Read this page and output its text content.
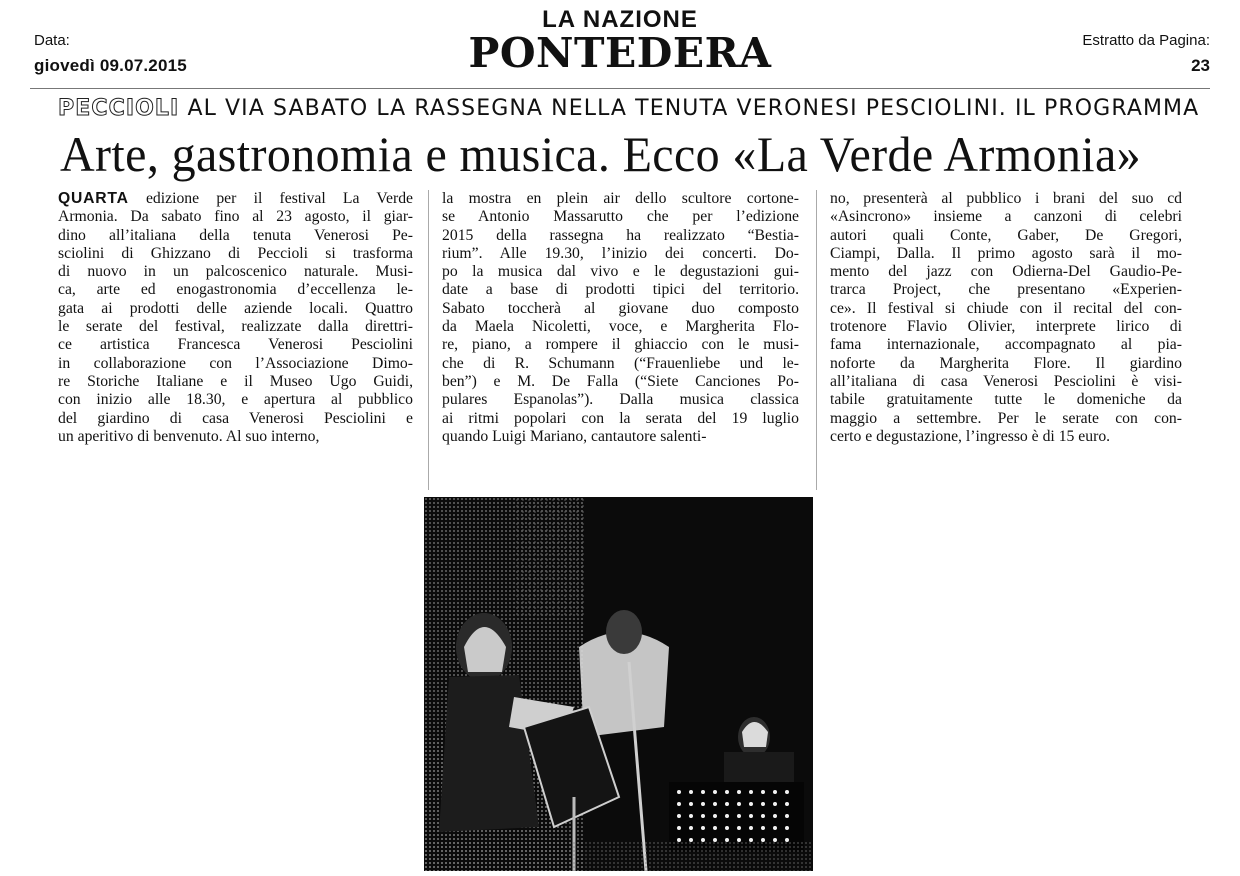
Data:
giovedì 09.07.2015
Estratto da Pagina:
23
LA NAZIONE
PONTEDERA
PECCIOLI AL VIA SABATO LA RASSEGNA NELLA TENUTA VERONESI PESCIOLINI. IL PROGRAMMA
Arte, gastronomia e musica. Ecco «La Verde Armonia»
QUARTA edizione per il festival La Verde
Armonia. Da sabato fino al 23 agosto, il giar-
dino all’italiana della tenuta Venerosi Pe-
sciolini di Ghizzano di Peccioli si trasforma
di nuovo in un palcoscenico naturale. Musi-
ca, arte ed enogastronomia d’eccellenza le-
gata ai prodotti delle aziende locali. Quattro
le serate del festival, realizzate dalla direttri-
ce artistica Francesca Venerosi Pesciolini
in collaborazione con l’Associazione Dimo-
re Storiche Italiane e il Museo Ugo Guidi,
con inizio alle 18.30, e apertura al pubblico
del giardino di casa Venerosi Pesciolini e
un aperitivo di benvenuto. Al suo interno,
la mostra en plein air dello scultore cortone-
se Antonio Massarutto che per l’edizione
2015 della rassegna ha realizzato “Bestia-
rium”. Alle 19.30, l’inizio dei concerti. Do-
po la musica dal vivo e le degustazioni gui-
date a base di prodotti tipici del territorio.
Sabato toccherà al giovane duo composto
da Maela Nicoletti, voce, e Margherita Flo-
re, piano, a rompere il ghiaccio con le musi-
che di R. Schumann (“Frauenliebe und le-
ben”) e M. De Falla (“Siete Canciones Po-
pulares Espanolas”). Dalla musica classica
ai ritmi popolari con la serata del 19 luglio
quando Luigi Mariano, cantautore salenti-
no, presenterà al pubblico i brani del suo cd
«Asincrono» insieme a canzoni di celebri
autori quali Conte, Gaber, De Gregori,
Ciampi, Dalla. Il primo agosto sarà il mo-
mento del jazz con Odierna-Del Gaudio-Pe-
trarca Project, che presentano «Experien-
ce». Il festival si chiude con il recital del con-
trotenore Flavio Olivier, interprete lirico di
fama internazionale, accompagnato al pia-
noforte da Margherita Flore. Il giardino
all’italiana di casa Venerosi Pesciolini è visi-
tabile gratuitamente tutte le domeniche da
maggio a settembre. Per le serate con con-
certo e degustazione, l’ingresso è di 15 euro.
